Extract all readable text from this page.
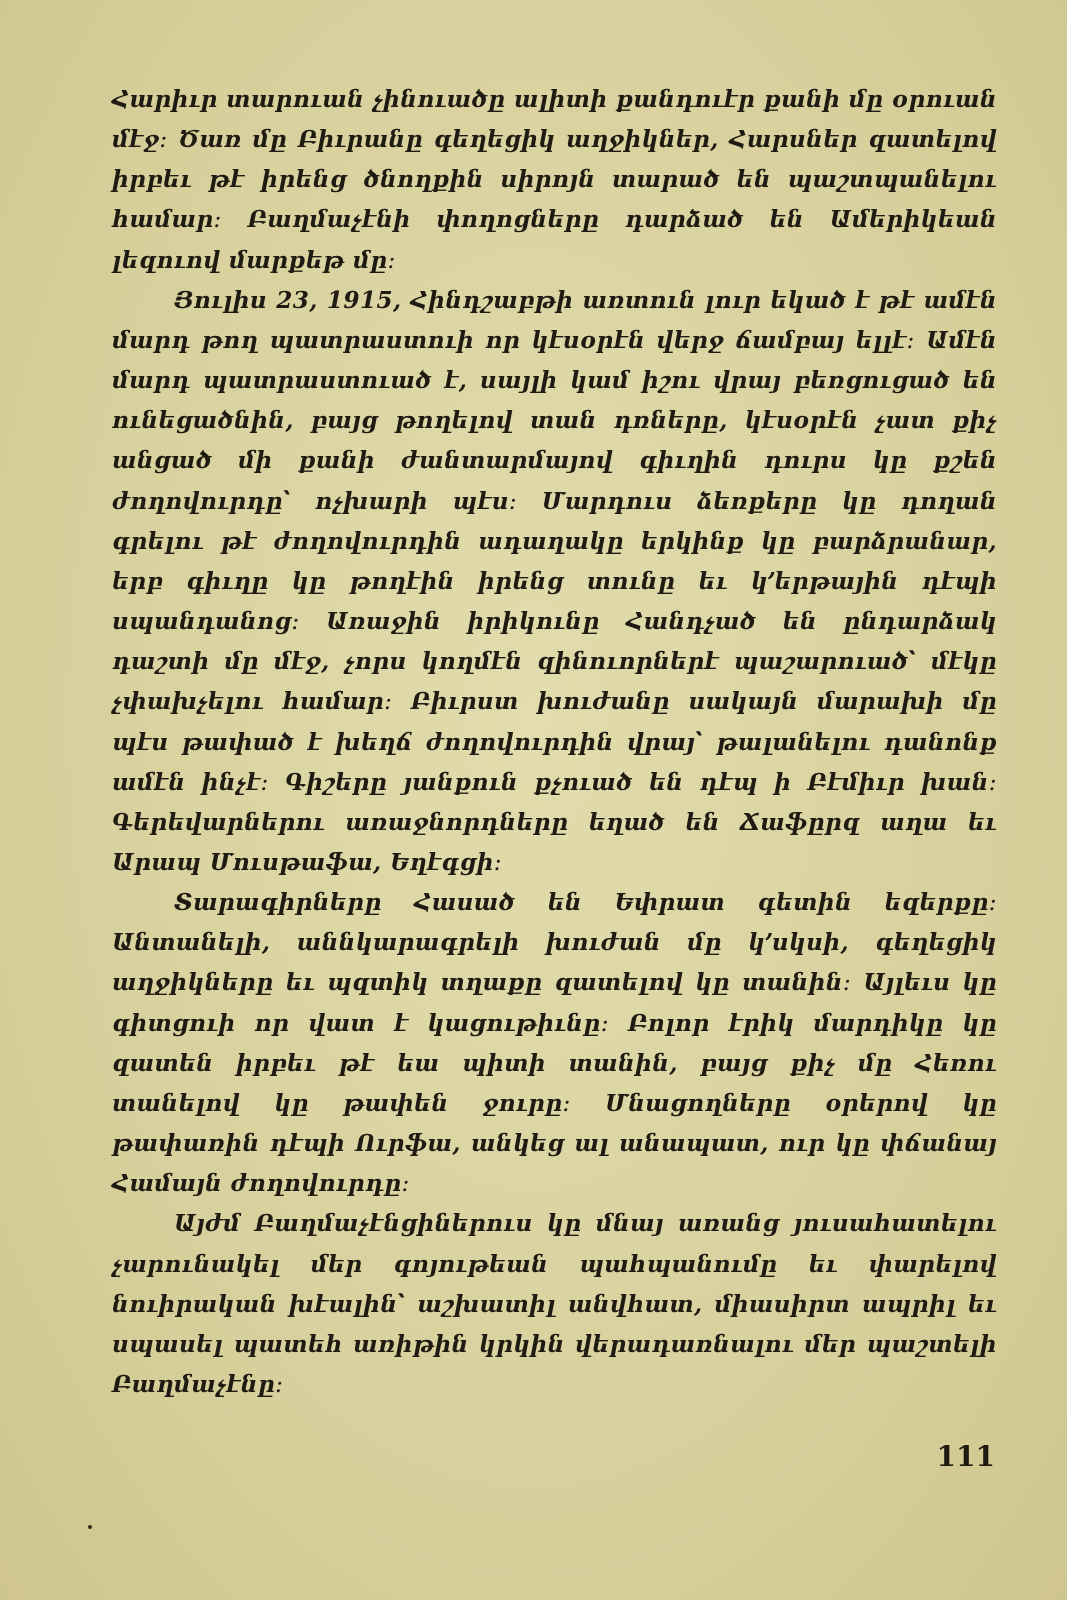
Հարիւր տարուան չինուածը ալիտի քանդուէր քանի մը օրուան մէջ։ Ծառ մը Բիւրանը գեղեցիկ աղջիկներ, Հարսներ զատելով իրբեւ թէ իրենց ծնողքին սիրոյն տարած են պաշտպանելու համար։ Բաղմաչէնի փողոցները դարձած են Ամերիկեան լեզուով մարքեթ մը։

Յուլիս 23, 1915, Հինդշաբթի առտուն լուր եկած է թէ ամէն մարդ թող պատրաստուի որ կէսօրէն վերջ ճամբայ ելլէ։ Ամէն մարդ պատրաստուած է, սայլի կամ իշու վրայ բեռցուցած են ունեցածնին, բայց թողելով տան դռները, կէսօրէն չատ քիչ անցած մի քանի ժանտարմայով գիւղին դուրս կը քշեն ժողովուրդը՝ ոչխարի պէս։ Մարդուս ձեռքերը կը դողան գրելու թէ ժողովուրդին ադաղակը երկինք կը բարձրանար, երբ գիւղը կը թողէին իրենց տունը եւ կ՚երթային դէպի սպանդանոց։ Առաջին իրիկունը Հանդչած են ընդարձակ դաշտի մը մէջ, չորս կողմէն զինուորներէ պաշարուած՝ մէկը չփախչելու համար։ Բիւրստ խուժանը սակայն մարախի մը պէս թափած է խեղճ ժողովուրդին վրայ՝ թալանելու դանոնք ամէն ինչէ։ Գիշերը յանքուն քչուած են դէպ ի Բէմիւր խան։ Գերեվարներու առաջնորդները եղած են Ճաֆըրզ աղա եւ Արապ Մուսթաֆա, Եղէգցի։

Տարագիրները Հասած են Եփրատ գետին եզերքը։ Անտանելի, աննկարագրելի խուժան մը կ՚սկսի, գեղեցիկ աղջիկները եւ պզտիկ տղաքը զատելով կը տանին։ Այլեւս կը գիտցուի որ վատ է կացութիւնը։ Բոլոր էրիկ մարդիկը կը զատեն իրբեւ թէ եա պիտի տանին, բայց քիչ մը Հեռու տանելով կը թափեն ջուրը։ Մնացողները օրերով կը թափառին դէպի Ուրֆա, անկեց ալ անապատ, ուր կը փճանայ Համայն ժողովուրդը։

Այժմ Բաղմաչէնցիներուս կը մնայ առանց յուսահատելու չարունակել մեր գոյութեան պահպանումը եւ փարելով նուիրական խէալին՝ աշխատիլ անվհատ, միասիրտ ապրիլ եւ սպասել պատեհ առիթին կրկին վերադառնալու մեր պաշտելի Բաղմաչէնը։

111
